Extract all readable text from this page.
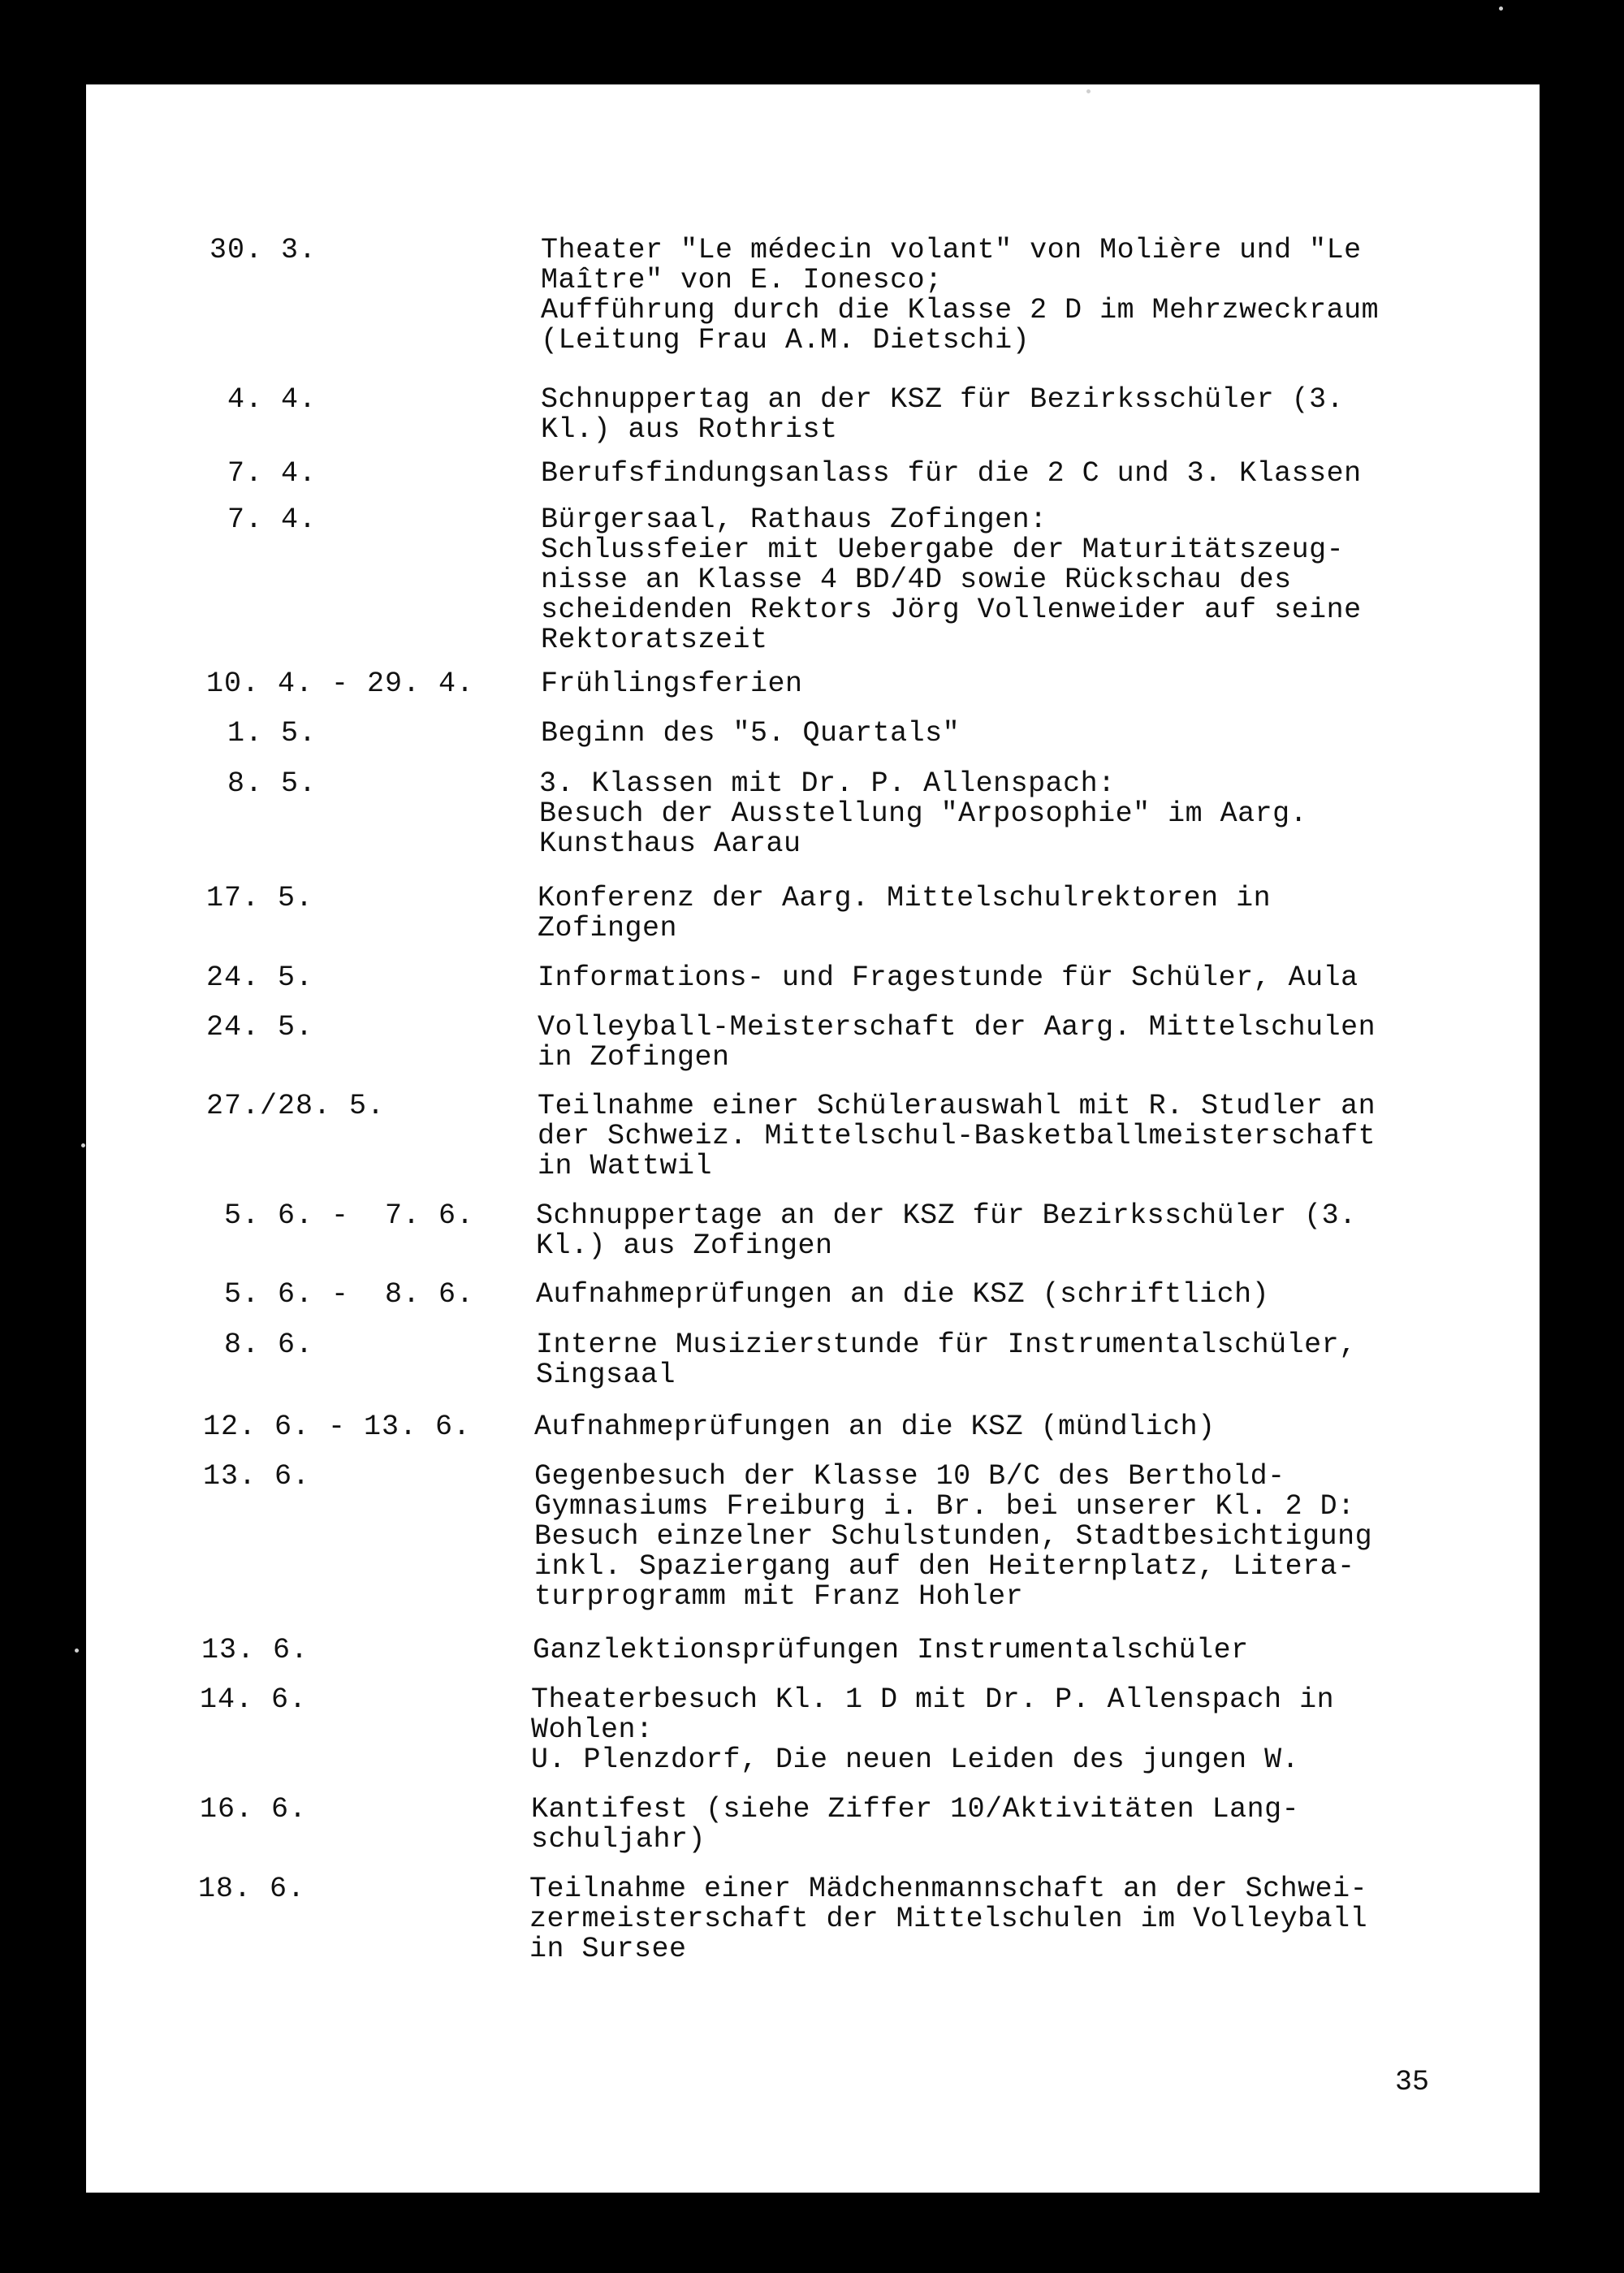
30. 3.	Theater "Le médecin volant" von Molière und "Le
Maître" von E. Ionesco;
Aufführung durch die Klasse 2 D im Mehrzweckraum
(Leitung Frau A.M. Dietschi)
4. 4.	Schnuppertag an der KSZ für Bezirksschüler (3.
Kl.) aus Rothrist
7. 4.	Berufsfindungsanlass für die 2 C und 3. Klassen
7. 4.	Bürgersaal, Rathaus Zofingen:
Schlussfeier mit Uebergabe der Maturitätszeug-
nisse an Klasse 4 BD/4D sowie Rückschau des
scheidenden Rektors Jörg Vollenweider auf seine
Rektoratszeit
10. 4. - 29. 4. Frühlingsferien
1. 5.	Beginn des "5. Quartals"
8. 5.	3. Klassen mit Dr. P. Allenspach:
Besuch der Ausstellung "Arposophie" im Aarg.
Kunsthaus Aarau
17. 5.	Konferenz der Aarg. Mittelschulrektoren in
Zofingen
24. 5.	Informations- und Fragestunde für Schüler, Aula
24. 5.	Volleyball-Meisterschaft der Aarg. Mittelschulen
in Zofingen
27./28. 5.	Teilnahme einer Schülerauswahl mit R. Studler an
der Schweiz. Mittelschul-Basketballmeisterschaft
in Wattwil
5. 6. -  7. 6. Schnuppertage an der KSZ für Bezirksschüler (3.
Kl.) aus Zofingen
5. 6. -  8. 6. Aufnahmeprüfungen an die KSZ (schriftlich)
8. 6.	Interne Musizierstunde für Instrumentalschüler,
Singsaal
12. 6. - 13. 6. Aufnahmeprüfungen an die KSZ (mündlich)
13. 6.	Gegenbesuch der Klasse 10 B/C des Berthold-
Gymnasiums Freiburg i. Br. bei unserer Kl. 2 D:
Besuch einzelner Schulstunden, Stadtbesichtigung
inkl. Spaziergang auf den Heiternplatz, Litera-
turprogramm mit Franz Hohler
13. 6.	Ganzlektionsprüfungen Instrumentalschüler
14. 6.	Theaterbesuch Kl. 1 D mit Dr. P. Allenspach in
Wohlen:
U. Plenzdorf, Die neuen Leiden des jungen W.
16. 6.	Kantifest (siehe Ziffer 10/Aktivitäten Lang-
schuljahr)
18. 6.	Teilnahme einer Mädchenmannschaft an der Schwei-
zermeisterschaft der Mittelschulen im Volleyball
in Sursee
35
